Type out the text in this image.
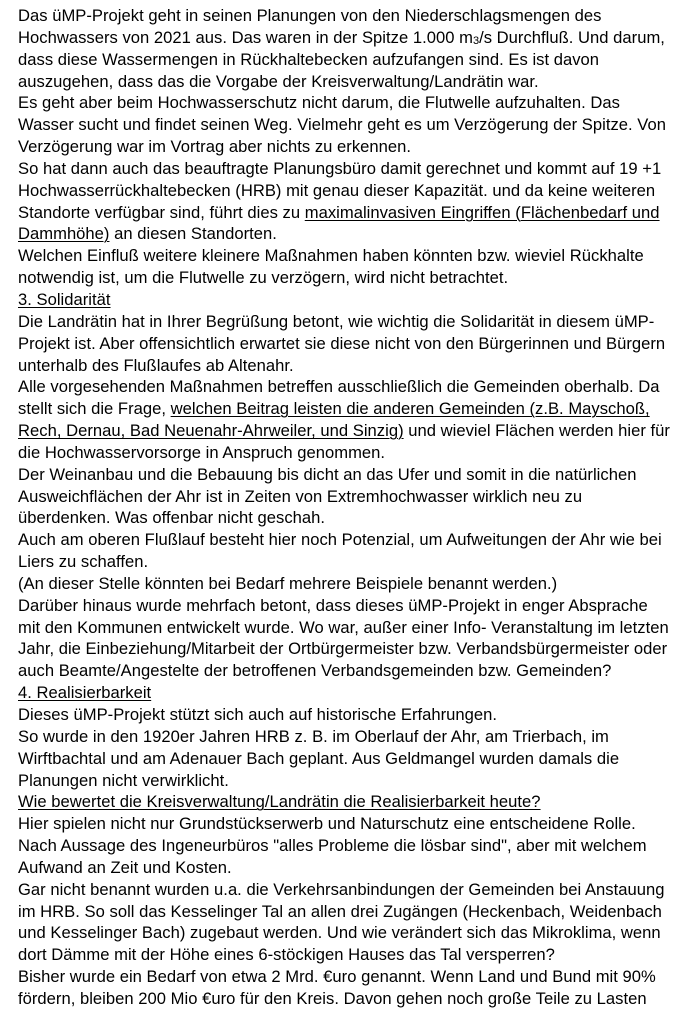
Das üMP-Projekt geht in seinen Planungen von den Niederschlagsmengen des
Hochwassers von 2021 aus. Das waren in der Spitze 1.000 $m_3/s$ Durchfluß. Und darum,
dass diese Wassermengen in Rückhaltebecken aufzufangen sind. Es ist davon
auszugehen, dass das die Vorgabe der Kreisverwaltung/Landrätin war.
Es geht aber beim Hochwasserschutz nicht darum, die Flutwelle aufzuhalten. Das
Wasser sucht und findet seinen Weg. Vielmehr geht es um Verzögerung der Spitze. Von
Verzögerung war im Vortrag aber nichts zu erkennen.
So hat dann auch das beauftragte Planungsbüro damit gerechnet und kommt auf 19 +1
Hochwasserrückhaltebecken (HRB) mit genau dieser Kapazität. und da keine weiteren
Standorte verfügbar sind, führt dies zu maximalinvasiven Eingriffen (Flächenbedarf und
Dammhöhe) an diesen Standorten.
Welchen Einfluß weitere kleinere Maßnahmen haben könnten bzw. wieviel Rückhalte
notwendig ist, um die Flutwelle zu verzögern, wird nicht betrachtet.
3. Solidarität
Die Landrätin hat in Ihrer Begrüßung betont, wie wichtig die Solidarität in diesem üMP-
Projekt ist. Aber offensichtlich erwartet sie diese nicht von den Bürgerinnen und Bürgern
unterhalb des Flußlaufes ab Altenahr.
Alle vorgesehenden Maßnahmen betreffen ausschließlich die Gemeinden oberhalb. Da
stellt sich die Frage, welchen Beitrag leisten die anderen Gemeinden (z.B. Mayschoß,
Rech, Dernau, Bad Neuenahr-Ahrweiler, und Sinzig) und wieviel Flächen werden hier für
die Hochwasservorsorge in Anspruch genommen.
Der Weinanbau und die Bebauung bis dicht an das Ufer und somit in die natürlichen
Ausweichflächen der Ahr ist in Zeiten von Extremhochwasser wirklich neu zu
überdenken. Was offenbar nicht geschah.
Auch am oberen Flußlauf besteht hier noch Potenzial, um Aufweitungen der Ahr wie bei
Liers zu schaffen.
(An dieser Stelle könnten bei Bedarf mehrere Beispiele benannt werden.)
Darüber hinaus wurde mehrfach betont, dass dieses üMP-Projekt in enger Absprache
mit den Kommunen entwickelt wurde. Wo war, außer einer Info- Veranstaltung im letzten
Jahr, die Einbeziehung/Mitarbeit der Ortbürgermeister bzw. Verbandsbürgermeister oder
auch Beamte/Angestelte der betroffenen Verbandsgemeinden bzw. Gemeinden?
4. Realisierbarkeit
Dieses üMP-Projekt stützt sich auch auf historische Erfahrungen.
So wurde in den 1920er Jahren HRB z. B. im Oberlauf der Ahr, am Trierbach, im
Wirftbachtal und am Adenauer Bach geplant. Aus Geldmangel wurden damals die
Planungen nicht verwirklicht.
Wie bewertet die Kreisverwaltung/Landrätin die Realisierbarkeit heute?
Hier spielen nicht nur Grundstückserwerb und Naturschutz eine entscheidene Rolle.
Nach Aussage des Ingeneurbüros "alles Probleme die lösbar sind", aber mit welchem
Aufwand an Zeit und Kosten.
Gar nicht benannt wurden u.a. die Verkehrsanbindungen der Gemeinden bei Anstauung
im HRB. So soll das Kesselinger Tal an allen drei Zugängen (Heckenbach, Weidenbach
und Kesselinger Bach) zugebaut werden. Und wie verändert sich das Mikroklima, wenn
dort Dämme mit der Höhe eines 6-stöckigen Hauses das Tal versperren?
Bisher wurde ein Bedarf von etwa 2 Mrd. €uro genannt. Wenn Land und Bund mit 90%
fördern, bleiben 200 Mio €uro für den Kreis. Davon gehen noch große Teile zu Lasten
